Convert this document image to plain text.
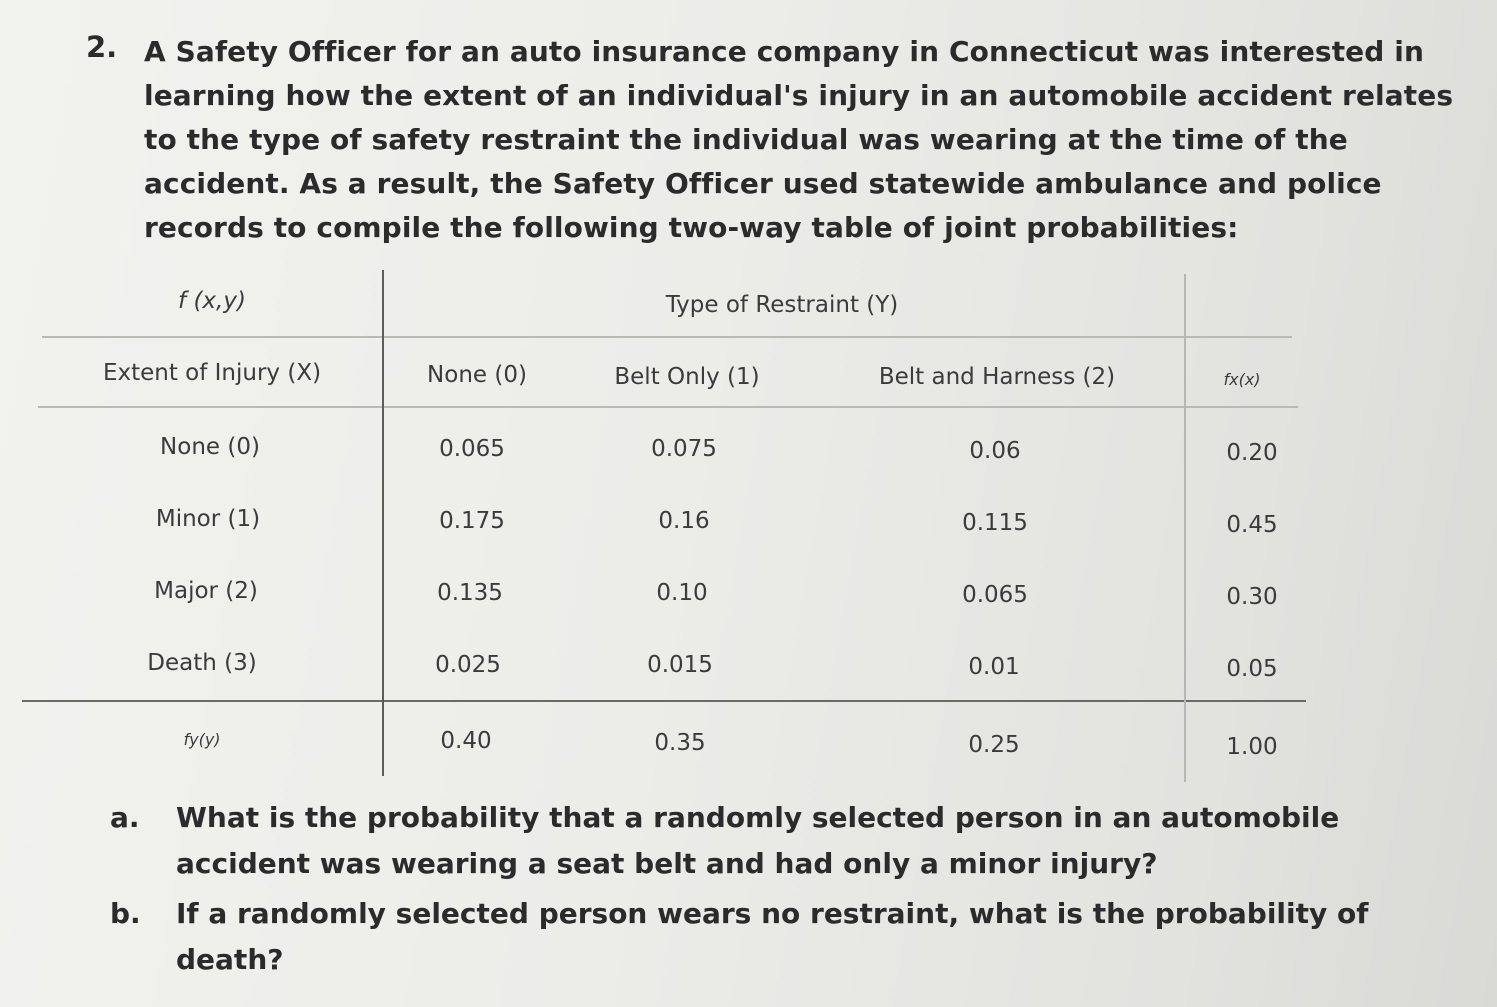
2. A Safety Officer for an auto insurance company in Connecticut was interested in learning how the extent of an individual's injury in an automobile accident relates to the type of safety restraint the individual was wearing at the time of the accident. As a result, the Safety Officer used statewide ambulance and police records to compile the following two-way table of joint probabilities:
f (x,y)	Type of Restraint (Y)
Extent of Injury (X)	None (0)	Belt Only (1)	Belt and Harness (2)	fx(x)
None (0)	0.065	0.075	0.06	0.20
Minor (1)	0.175	0.16	0.115	0.45
Major (2)	0.135	0.10	0.065	0.30
Death (3)	0.025	0.015	0.01	0.05
fy(y)	0.40	0.35	0.25	1.00
a. What is the probability that a randomly selected person in an automobile accident was wearing a seat belt and had only a minor injury?
b. If a randomly selected person wears no restraint, what is the probability of death?
